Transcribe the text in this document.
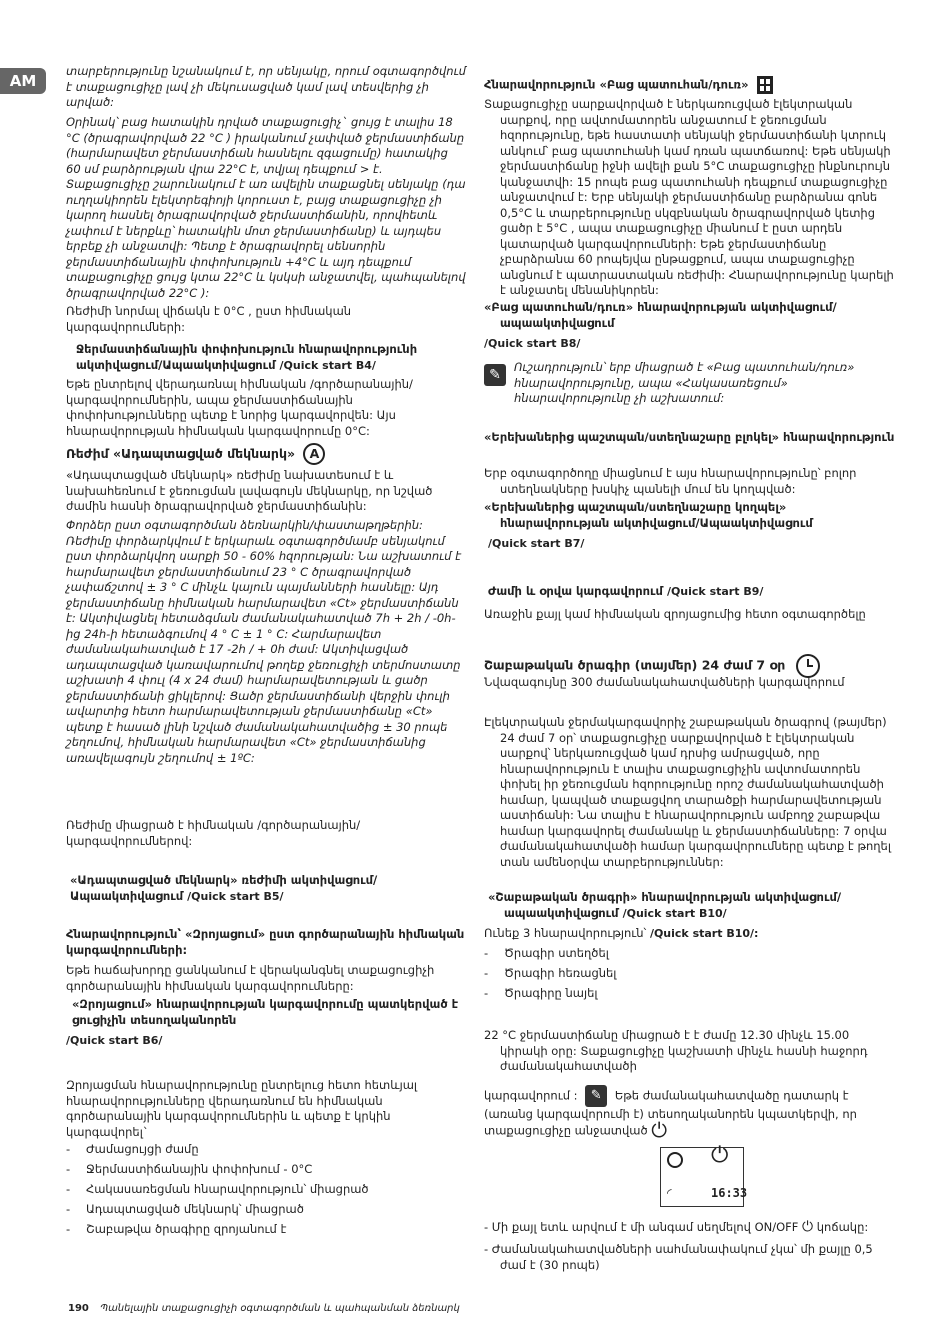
AM
տարբերությունը նշանակում է, որ սենյակը, որում օգտագործվում է տաքացուցիչը լավ չի մեկուսացված կամ լավ տեսվերից չի արված:
Օրինակ՝ բաց հատակին դրված տաքացուցիչ` ցույց է տալիս 18 °C (ծրագրավորված 22 °C ) իրականում չափված ջերմաստիճանը (հարմարավետ ջերմաստիճան հասնելու զգացումը) հատակից 60 սմ բարձրության վրա 22°C է, տվյալ դեպքում > է. Տաքացուցիչը շարունակում է առ ավելին տաքացնել սենյակը (դա ուղղակիորեն էլեկտրեգիոյի կորուստ է, բայց տաքացուցիչը չի կարող հասնել ծրագրավորված ջերմաստիճանին, որովհետև չափում է ներքևը՝ հատակին մոտ ջերմաստիճանը) և այդպես երբեք չի անջատվի: Պետք է ծրագրավորել սենսորին ջերմաստիճանային փոփոխություն +4°C և այդ դեպքում տաքացուցիչը ցույց կտա 22°C և կսկսի անջատվել, պահպանելով ծրագրավորված 22°C ):
Ռեժիմի նորմալ վիճակն է 0°C , ըստ հիմնական կարգավորումների:
Ջերմաստիճանային փոփոխություն հնարավորությունի ակտիվացում/Ապաակտիվացում /Quick start B4/
Եթե ընտրելով վերադառնալ հիմնական /գործարանային/ կարգավորումներին, ապա ջերմաստիճանային փոփոխությունները պետք է նորից կարգավորվեն: Այս հնարավորության հիմնական կարգավորումը 0°C:
Ռեժիմ «Ադապտացված մեկնարկ» A
«Ադապտացված մեկնարկ» ռեժիմը նախատեսում է և նախահեռնում է ջեռուցման լավագույն մեկնարկը, որ նշված ժամին հասնի ծրագրավորված ջերմաստիճանին:
Փորձեր ըստ օգտագործման ձեռնարկին/փաստաթղթերին: Ռեժիմը փորձարկվում է երկարաև օգտագործմամբ սենյակում ըստ փորձարկվող սարքի 50 - 60% հզորության: Նա աշխատում է հարմարավետ ջերմաստիճանում 23 ° C ծրագրավորված չափաճշտով ± 3 ° C մինչև կայուն պայմանների հասնելը: Այդ ջերմաստիճանը հիմնական հարմարավետ «Ct» ջերմաստիճանն է: Ակտիվացնել հետաձգման ժամանակահատված 7h + 2h / -0h-ից 24h-ի հետաձգումով 4 ° C ± 1 ° C: Հարմարավետ ժամանակահատված է 17 -2h / + 0h ժամ: Ակտիվացված ադապտացված կառավարումով թողեք ջեռուցիչի տերմոստատը աշխատի 4 փուլ (4 x 24 ժամ) հարմարավետության և ցածր ջերմաստիճանի ցիկլերով: Ցածր ջերմաստիճանի վերջին փուլի ավարտից հետո հարմարավետության ջերմաստիճանը «Ct» պետք է հասած լինի նշված ժամանակահատվածից ± 30 րոպե շեղումով, հիմնական հարմարավետ «Ct» ջերմաստիճանից առավելագույն շեղումով ± 1ºC:
Ռեժիմը միացրած է հիմնական /գործարանային/ կարգավորումներով:
«Ադապտացված մեկնարկ» ռեժիմի ակտիվացում/ Ապաակտիվացում /Quick start B5/
Հնարավորություն՝ «Զրոյացում» ըստ գործարանային հիմնական կարգավորումների:
Եթե հաճախորդը ցանկանում է վերականգնել տաքացուցիչի գործարանային հիմնական կարգավորումները:
«Զրոյացում» հնարավորության կարգավորումը պատկերված է ցուցիչին տեսողականորեն
/Quick start B6/
Զրոյացման հնարավորությունը ընտրելուց հետո հետևյալ հնարավորությունները վերադառնում են հիմնական գործարանային կարգավորումներին և պետք է կրկին կարգավորել`
- Ժամացույցի ժամը
- Ջերմաստիճանային փոփոխում - 0°C
- Հակասառեցման հնարավորություն՝ միացրած
- Ադապտացված մեկնարկ՝ միացրած
- Շաբաթվա ծրագիրը զրոյանում է
Հնարավորություն «Բաց պատուհան/դուռ»
Տաքացուցիչը սարքավորված է ներկառուցված էլեկտրական սարքով, որը ավտոմատորեն անջատում է ջեռուցման հզորությունը, եթե հաստատի սենյակի ջերմաստիճանի կտրուկ անկում՝ բաց պատուհանի կամ դռան պատճառով: Եթե սենյակի ջերմաստիճանը իջնի ավելի քան 5°C տաքացուցիչը ինքնուրույն կանջատվի: 15 րոպե բաց պատուհանի դեպքում տաքացուցիչը անջատվում է: Երբ սենյակի ջերմաստիճանը բարձրանա գոնե 0,5°C և տարբերությունը սկզբնական ծրագրավորված կետից ցածր է 5°C , ապա տաքացուցիչը միանում է ըստ արդեն կատարված կարգավորումների: Եթե ջերմաստիճանը չբարձրանա 60 րոպեյվա ընթացքում, ապա տաքացուցիչը անցնում է պատրաստական ռեժիմի: Հնարավորությունը կարելի է անջատել մենանիկորեն:
«Բաց պատուհան/դուռ» հնարավորության ակտիվացում/ ապաակտիվացում
/Quick start B8/
✎	Ուշադրություն՝ երբ միացրած է «Բաց պատուհան/դուռ» հնարավորությունը, ապա «Հակասառեցում» հնարավորությունը չի աշխատում:
«Երեխաներից պաշտպան/ստեղնաշարը բլոկել» հնարավորություն
Երբ օգտագործողը միացնում է այս հնարավորությունը՝ բոլոր ստեղնակները խսկիչ պանելի մում են կողպված:
«Երեխաներից պաշտպան/ստեղնաշարը կողպել» հնարավորության ակտիվացում/Ապաակտիվացում
/Quick start B7/
Ժամի և օրվա կարգավորում /Quick start B9/
Առաջին քայլ կամ հիմնական զրոյացումից հետո օգտագործելը
Շաբաթական ծրագիր (տայմեր) 24 ժամ 7 օր
Նվազագույնը 300 ժամանակահատվածների կարգավորում
Էլեկտրական ջերմակարգավորիչ շաբաթական ծրագրով (թայմեր) 24 ժամ 7 օր՝ տաքացուցիչը սարքավորված է էլեկտրական սարքով՝ ներկառուցված կամ դրսից ամրացված, որը հնարավորություն է տալիս տաքացուցիչին ավտոմատորեն փոխել իր ջեռուցման հզորությունը որոշ ժամանակահատվածի համար, կապված տաքացվող տարածքի հարմարավետության աստիճանի: Նա տալիս է հնարավորություն ամբողջ շաբաթվա համար կարգավորել ժամանակը և ջերմաստիճանները: 7 օրվա ժամանակահատվածի համար կարգավորումները պետք է թողել տան ամենօրվա տարբերություններ:
«Շաբաթական ծրագրի» հնարավորության ակտիվացում/ ապաակտիվացում /Quick start B10/
Ունեք 3 հնարավորություն՝ /Quick start B10/:
- Ծրագիր ստեղծել
- Ծրագիր հեռացնել
- Ծրագիրը նայել
22 °C ջերմաստիճանը միացրած է է ժամը 12.30 մինչև 15.00 կիրակի օրը: Տաքացուցիչը կաշխատի մինչև հասնի հաջորդ ժամանակահատվածի
կարգավորում : ✎ Եթե ժամանակահատվածը դատարկ է (առանց կարգավորումի է) տեսողականորեն կպատկերվի, որ տաքացուցիչը անջատված ⏻
- Մի քայլ ետև արվում է մի անգամ սեղմելով ON/OFF ⏻ կոճակը:
- Ժամանակահատվածների սահմանափակում չկա՝ մի քայլը 0,5 ժամ է (30 րոպե)
⏻
◜	16:33
190 Պանելային տաքացուցիչի օգտագործման և պահպանման ձեռնարկ
